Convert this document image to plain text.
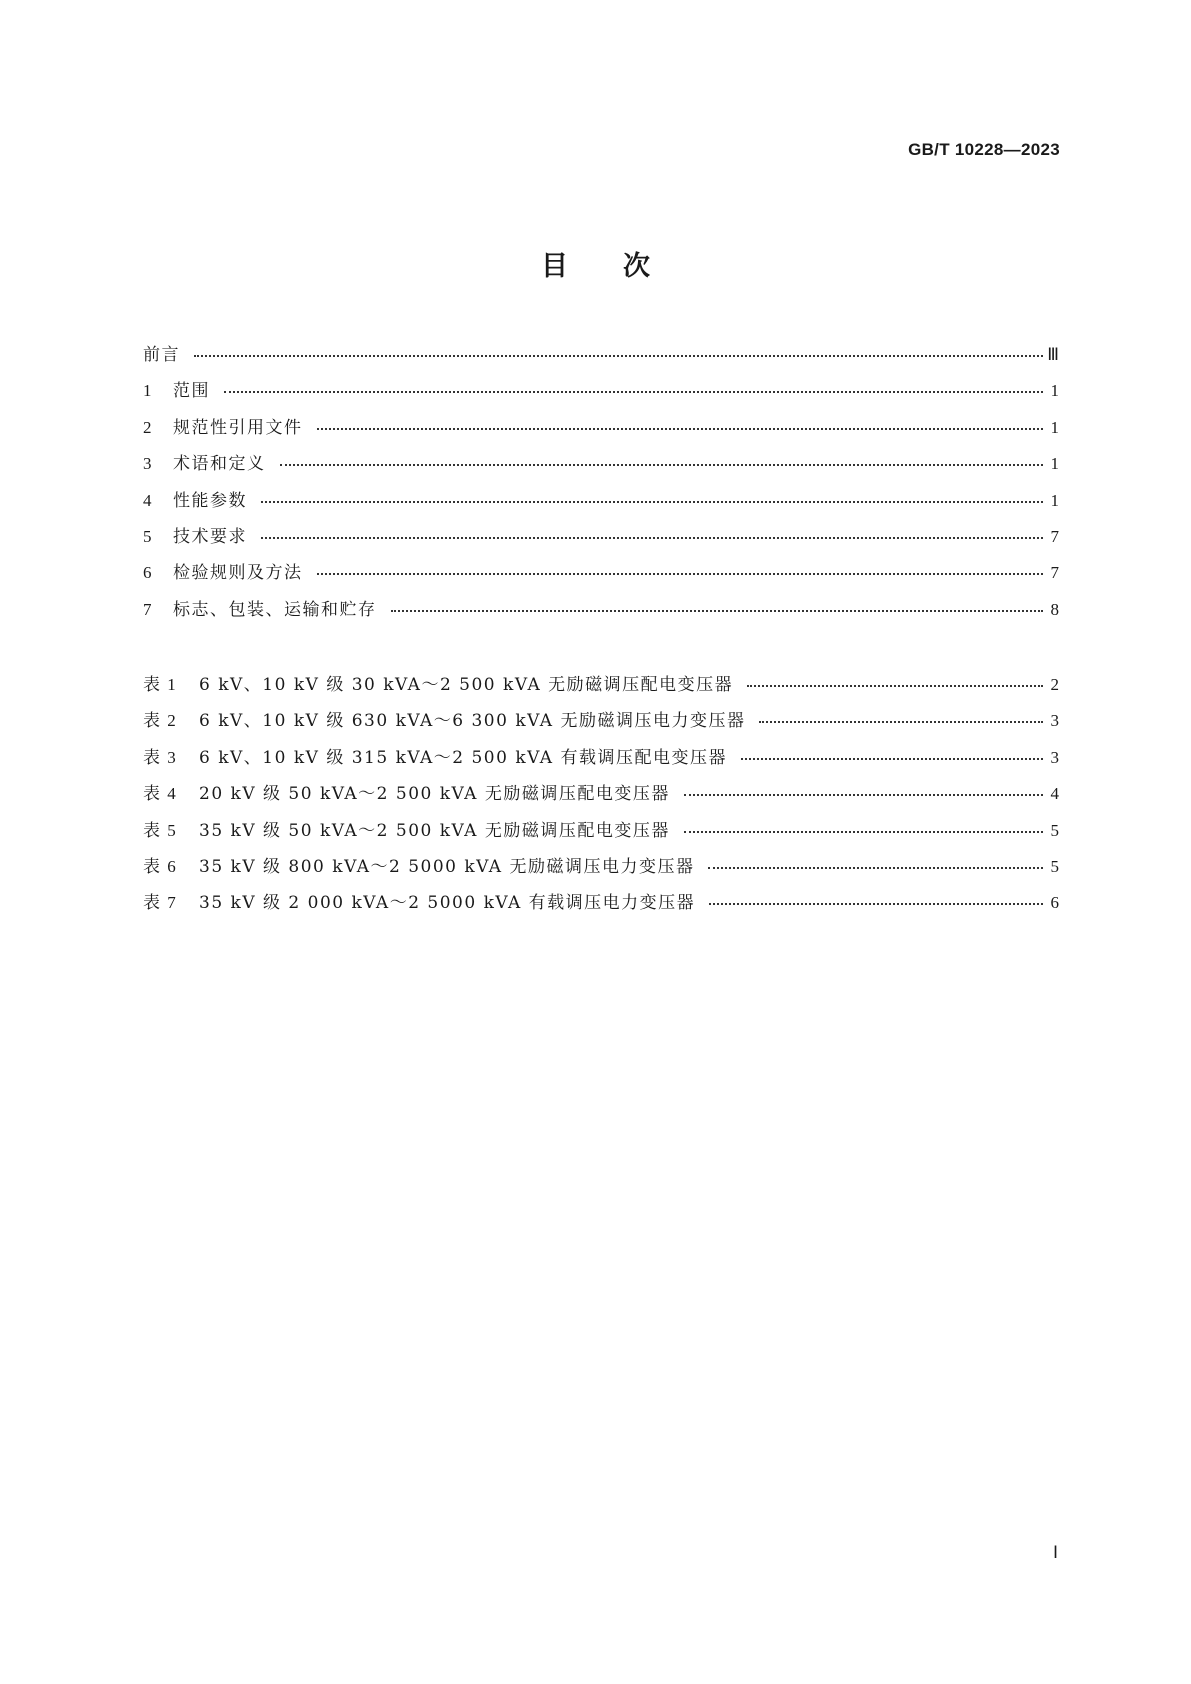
GB/T 10228—2023
目次
前言	Ⅲ
1 范围	1
2 规范性引用文件	1
3 术语和定义	1
4 性能参数	1
5 技术要求	7
6 检验规则及方法	7
7 标志、包装、运输和贮存	8
表 1 6 kV、10 kV 级 30 kVA～2 500 kVA 无励磁调压配电变压器	2
表 2 6 kV、10 kV 级 630 kVA～6 300 kVA 无励磁调压电力变压器	3
表 3 6 kV、10 kV 级 315 kVA～2 500 kVA 有载调压配电变压器	3
表 4 20 kV 级 50 kVA～2 500 kVA 无励磁调压配电变压器	4
表 5 35 kV 级 50 kVA～2 500 kVA 无励磁调压配电变压器	5
表 6 35 kV 级 800 kVA～2 5000 kVA 无励磁调压电力变压器	5
表 7 35 kV 级 2 000 kVA～2 5000 kVA 有载调压电力变压器	6
Ⅰ
